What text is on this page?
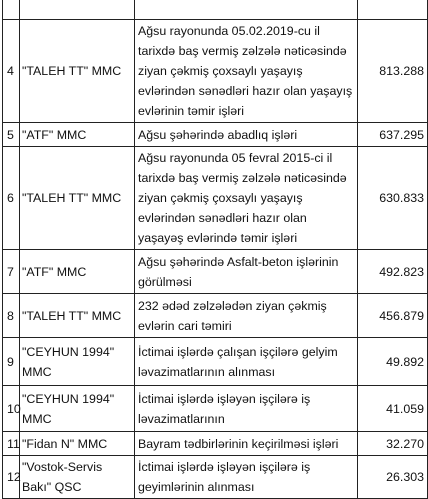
4	"TALEH TT" MMC	Ağsu rayonunda 05.02.2019-cu il tarixdə baş vermiş zəlzələ nəticəsində ziyan çəkmiş çoxsaylı yaşayış evlərindən sənədləri hazır olan yaşayış evlərinin təmir işləri	813.288
5	"ATF" MMC	Ağsu şəhərində abadlıq işləri	637.295
6	"TALEH TT" MMC	Ağsu rayonunda 05 fevral 2015-ci il tarixdə baş vermiş zəlzələ nəticəsində ziyan çəkmiş çoxsaylı yaşayış evlərindən sənədləri hazır olan yaşayəş evlərində təmir işləri	630.833
7	"ATF" MMC	Ağsu şəhərində Asfalt-beton işlərinin görülməsi	492.823
8	"TALEH TT" MMC	232 ədəd zəlzələdən ziyan çəkmiş evlərin cari təmiri	456.879
9	"CEYHUN 1994" MMC	İctimai işlərdə çalışan işçilərə gelyim ləvazimatlarının alınması	49.892
10	"CEYHUN 1994" MMC	İctimai işlərdə işləyən işçilərə iş ləvazimatlarının	41.059
11	"Fidan N" MMC	Bayram tədbirlərinin keçirilməsi işləri	32.270
12	"Vostok-Servis Bakı" QSC	İctimai işlərdə işləyən işçilərə iş geyimlərinin alınması	26.303
